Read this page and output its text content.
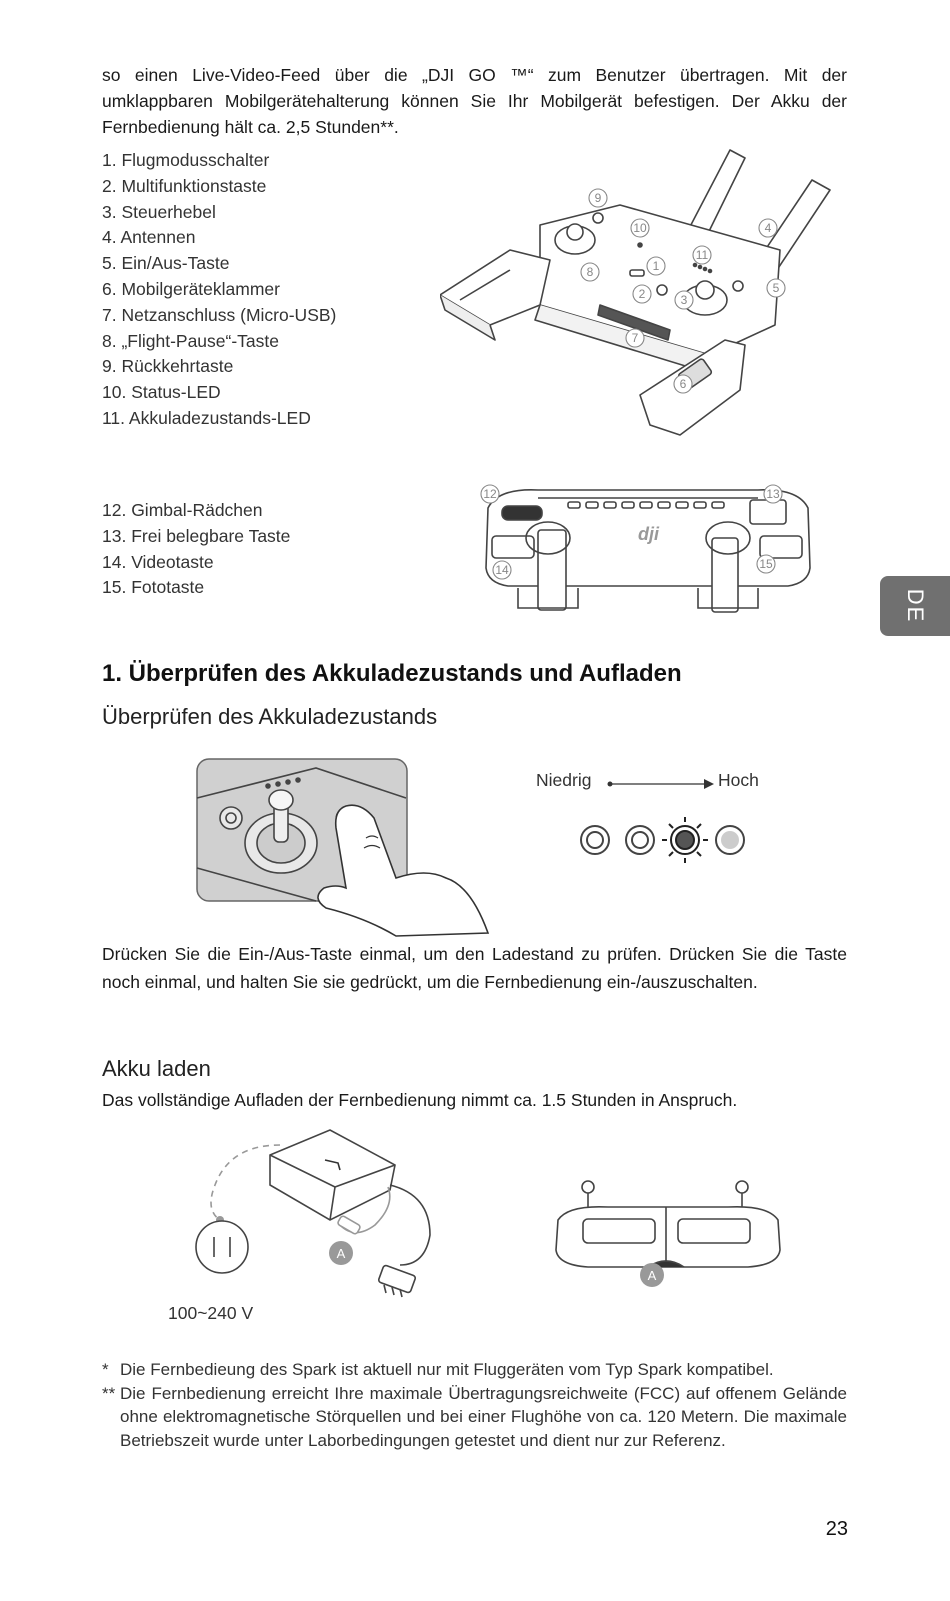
so einen Live-Video-Feed über die „DJI GO ™“ zum Benutzer übertragen. Mit der umklappbaren Mobilgerätehalterung können Sie Ihr Mobilgerät befestigen. Der Akku der Fernbedienung hält ca. 2,5 Stunden**.
1. Flugmodusschalter
2. Multifunktionstaste
3. Steuerhebel
4. Antennen
5. Ein/Aus-Taste
6. Mobilgeräteklammer
7. Netzanschluss (Micro-USB)
8. „Flight-Pause“-Taste
9. Rückkehrtaste
10. Status-LED
11. Akkuladezustands-LED
9
10	4
11
1
8
2	3
5
7
6
12. Gimbal-Rädchen
13. Frei belegbare Taste
14. Videotaste
15. Fototaste
dji
12	13
14	15
DE
1. Überprüfen des Akkuladezustands und Aufladen
Überprüfen des Akkuladezustands
Niedrig	Hoch
Drücken Sie die Ein-/Aus-Taste einmal, um den Ladestand zu prüfen. Drücken Sie die Taste noch einmal, und halten Sie sie gedrückt, um die Fernbedienung ein-/auszuschalten.
Akku laden
Das vollständige Aufladen der Fernbedienung nimmt ca. 1.5 Stunden in Anspruch.
A
100~240 V
A
* Die Fernbedieung des Spark ist aktuell nur mit Fluggeräten vom Typ Spark kompatibel.
** Die Fernbedienung erreicht Ihre maximale Übertragungsreichweite (FCC) auf offenem Gelände ohne elektromagnetische Störquellen und bei einer Flughöhe von ca. 120 Metern. Die maximale Betriebszeit wurde unter Laborbedingungen getestet und dient nur zur Referenz.
23
